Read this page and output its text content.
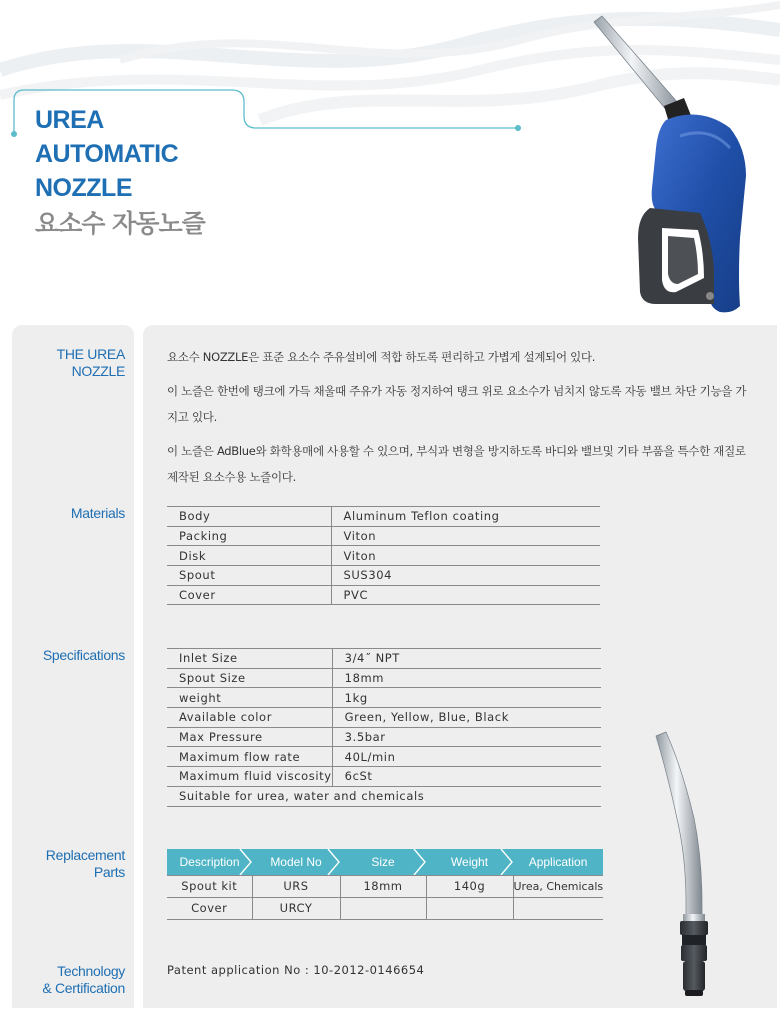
UREA
AUTOMATIC
NOZZLE
요소수 자동노즐
THE UREA
NOZZLE
Materials
Specifications
Replacement
Parts
Technology
& Certification

요소수 NOZZLE은 표준 요소수 주유설비에 적합 하도록 편리하고 가볍게 설계되어 있다.

이 노즐은 한번에 탱크에 가득 채울때 주유가 자동 정지하여 탱크 위로 요소수가 넘치지 않도록 자동 밸브 차단 기능을 가지고 있다.

이 노즐은 AdBlue와 화학용매에 사용할 수 있으며, 부식과 변형을 방지하도록 바디와 밸브및 기타 부품을 특수한 재질로 제작된 요소수용 노즐이다.

Body	Aluminum Teflon coating
Packing	Viton
Disk	Viton
Spout	SUS304
Cover	PVC
Inlet Size	3/4˝ NPT
Spout Size	18mm
weight	1kg
Available color	Green, Yellow, Blue, Black
Max Pressure	3.5bar
Maximum flow rate	40L/min
Maximum fluid viscosity	6cSt
Suitable for urea, water and chemicals	
Description	Model No	Size	Weight	Application
Spout kit	URS	18mm	140g	Urea, Chemicals
Cover	URCY			
Patent application No : 10-2012-0146654
